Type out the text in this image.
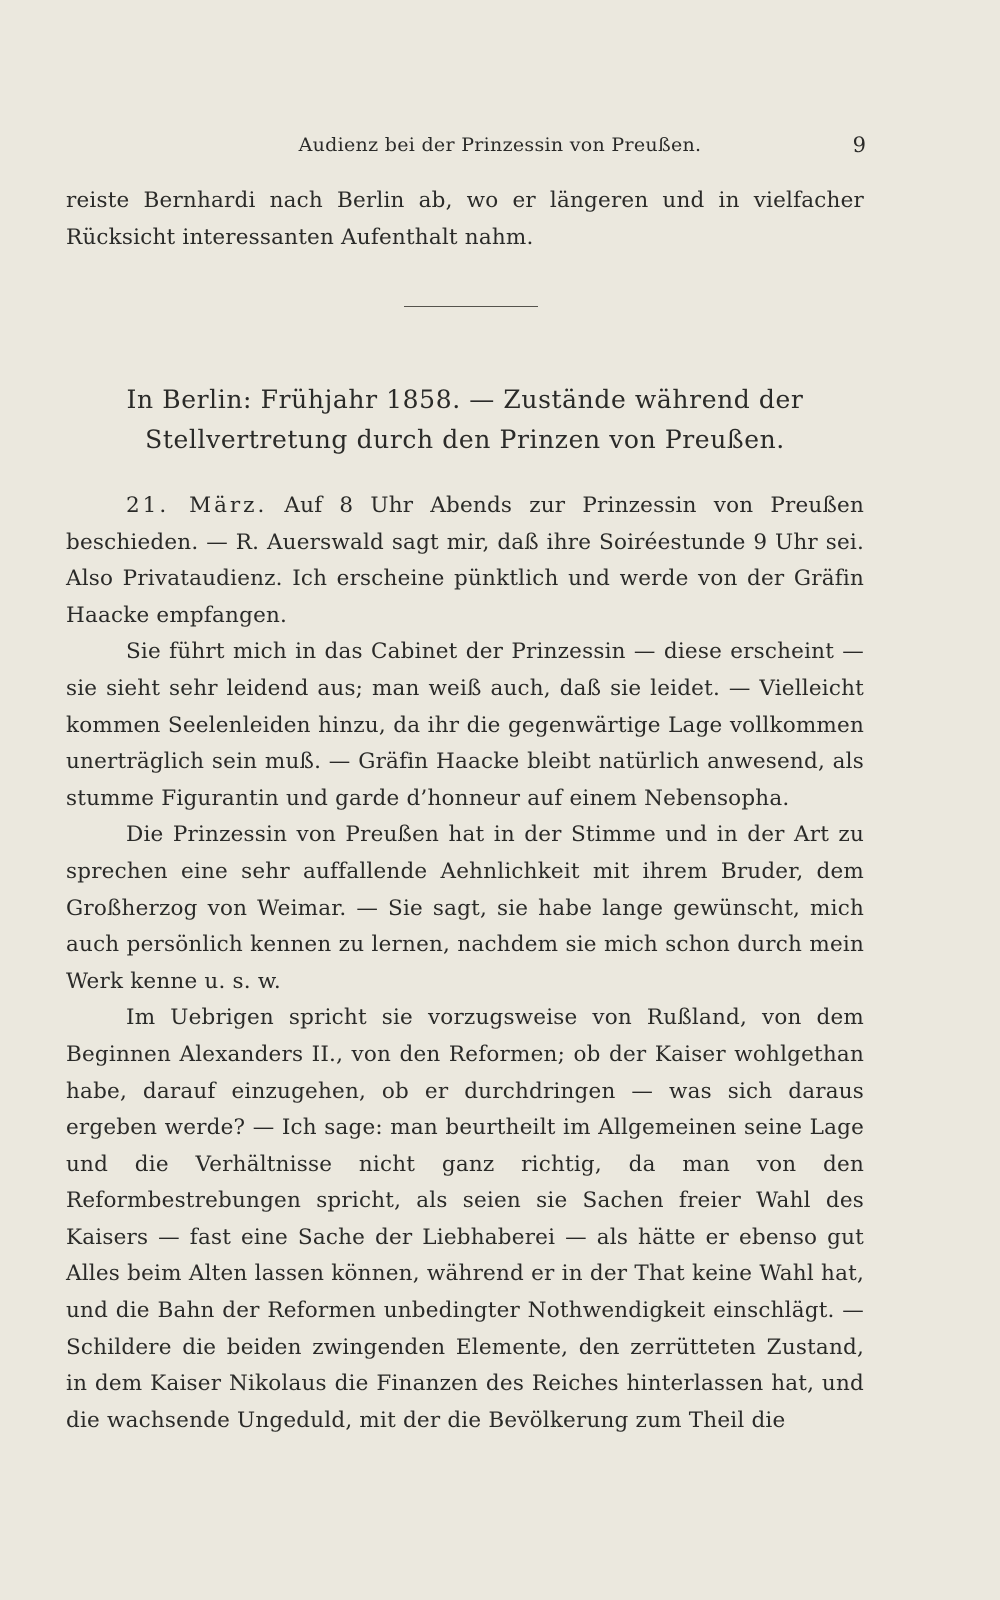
Audienz bei der Prinzessin von Preußen.	9

reiste Bernhardi nach Berlin ab, wo er längeren und in vielfacher Rücksicht interessanten Aufenthalt nahm.

In Berlin: Frühjahr 1858. — Zustände während der
Stellvertretung durch den Prinzen von Preußen.

21. März. Auf 8 Uhr Abends zur Prinzessin von Preußen beschieden. — R. Auerswald sagt mir, daß ihre Soiréestunde 9 Uhr sei. Also Privataudienz. Ich erscheine pünktlich und werde von der Gräfin Haacke empfangen.

Sie führt mich in das Cabinet der Prinzessin — diese erscheint — sie sieht sehr leidend aus; man weiß auch, daß sie leidet. — Vielleicht kommen Seelenleiden hinzu, da ihr die gegenwärtige Lage vollkommen unerträglich sein muß. — Gräfin Haacke bleibt natürlich anwesend, als stumme Figurantin und garde d’honneur auf einem Nebensopha.

Die Prinzessin von Preußen hat in der Stimme und in der Art zu sprechen eine sehr auffallende Aehnlichkeit mit ihrem Bruder, dem Großherzog von Weimar. — Sie sagt, sie habe lange gewünscht, mich auch persönlich kennen zu lernen, nachdem sie mich schon durch mein Werk kenne u. s. w.

Im Uebrigen spricht sie vorzugsweise von Rußland, von dem Beginnen Alexanders II., von den Reformen; ob der Kaiser wohlgethan habe, darauf einzugehen, ob er durchdringen — was sich daraus ergeben werde? — Ich sage: man beurtheilt im Allgemeinen seine Lage und die Verhältnisse nicht ganz richtig, da man von den Reformbestrebungen spricht, als seien sie Sachen freier Wahl des Kaisers — fast eine Sache der Liebhaberei — als hätte er ebenso gut Alles beim Alten lassen können, während er in der That keine Wahl hat, und die Bahn der Reformen unbedingter Nothwendigkeit einschlägt. — Schildere die beiden zwingenden Elemente, den zerrütteten Zustand, in dem Kaiser Nikolaus die Finanzen des Reiches hinterlassen hat, und die wachsende Ungeduld, mit der die Bevölkerung zum Theil die
